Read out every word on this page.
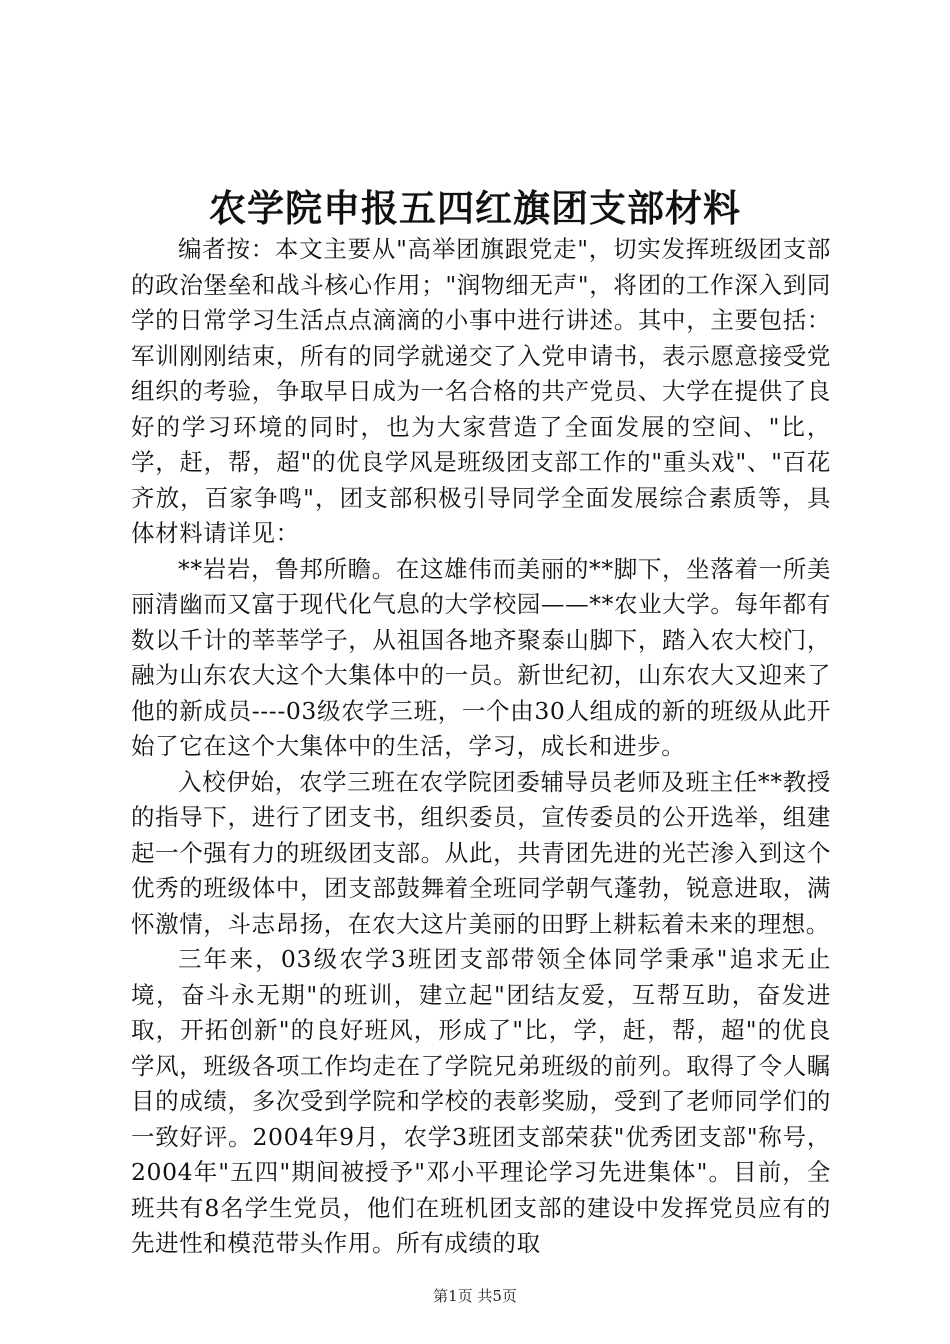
农学院申报五四红旗团支部材料

编者按：本文主要从"高举团旗跟党走"，切实发挥班级团支部的政治堡垒和战斗核心作用；"润物细无声"，将团的工作深入到同学的日常学习生活点点滴滴的小事中进行讲述。其中，主要包括：军训刚刚结束，所有的同学就递交了入党申请书，表示愿意接受党组织的考验，争取早日成为一名合格的共产党员、大学在提供了良好的学习环境的同时，也为大家营造了全面发展的空间、"比，学，赶，帮，超"的优良学风是班级团支部工作的"重头戏"、"百花齐放，百家争鸣"，团支部积极引导同学全面发展综合素质等，具体材料请详见：

**岩岩，鲁邦所瞻。在这雄伟而美丽的**脚下，坐落着一所美丽清幽而又富于现代化气息的大学校园——**农业大学。每年都有数以千计的莘莘学子，从祖国各地齐聚泰山脚下，踏入农大校门，融为山东农大这个大集体中的一员。新世纪初，山东农大又迎来了他的新成员----03级农学三班，一个由30人组成的新的班级从此开始了它在这个大集体中的生活，学习，成长和进步。

入校伊始，农学三班在农学院团委辅导员老师及班主任**教授的指导下，进行了团支书，组织委员，宣传委员的公开选举，组建起一个强有力的班级团支部。从此，共青团先进的光芒渗入到这个优秀的班级体中，团支部鼓舞着全班同学朝气蓬勃，锐意进取，满怀激情，斗志昂扬，在农大这片美丽的田野上耕耘着未来的理想。

三年来，03级农学3班团支部带领全体同学秉承"追求无止境，奋斗永无期"的班训，建立起"团结友爱，互帮互助，奋发进取，开拓创新"的良好班风，形成了"比，学，赶，帮，超"的优良学风，班级各项工作均走在了学院兄弟班级的前列。取得了令人瞩目的成绩，多次受到学院和学校的表彰奖励，受到了老师同学们的一致好评。2004年9月，农学3班团支部荣获"优秀团支部"称号，2004年"五四"期间被授予"邓小平理论学习先进集体"。目前，全班共有8名学生党员，他们在班机团支部的建设中发挥党员应有的先进性和模范带头作用。所有成绩的取

第1页 共5页
